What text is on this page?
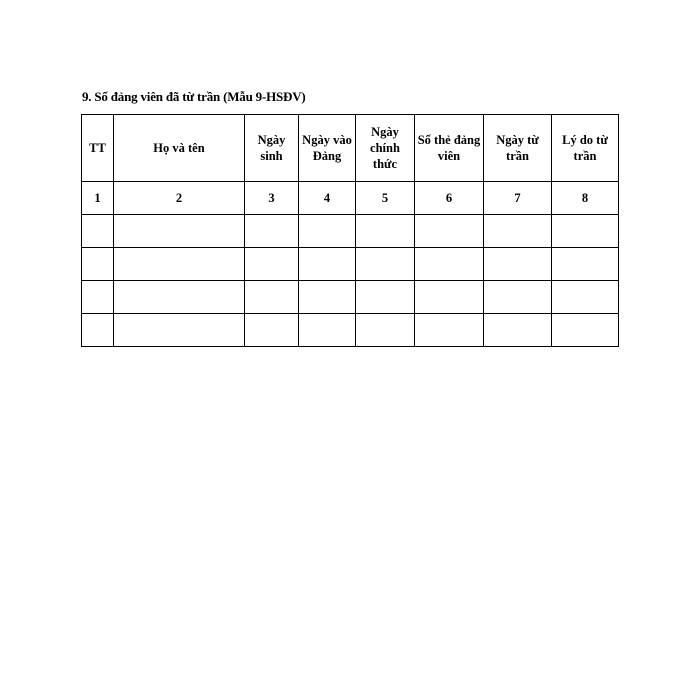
9. Số đảng viên đã từ trần (Mẫu 9-HSĐV)
TT	Họ và tên	Ngày sinh	Ngày vào Đảng	Ngày chính thức	Số thẻ đảng viên	Ngày từ trần	Lý do từ trần
1	2	3	4	5	6	7	8
